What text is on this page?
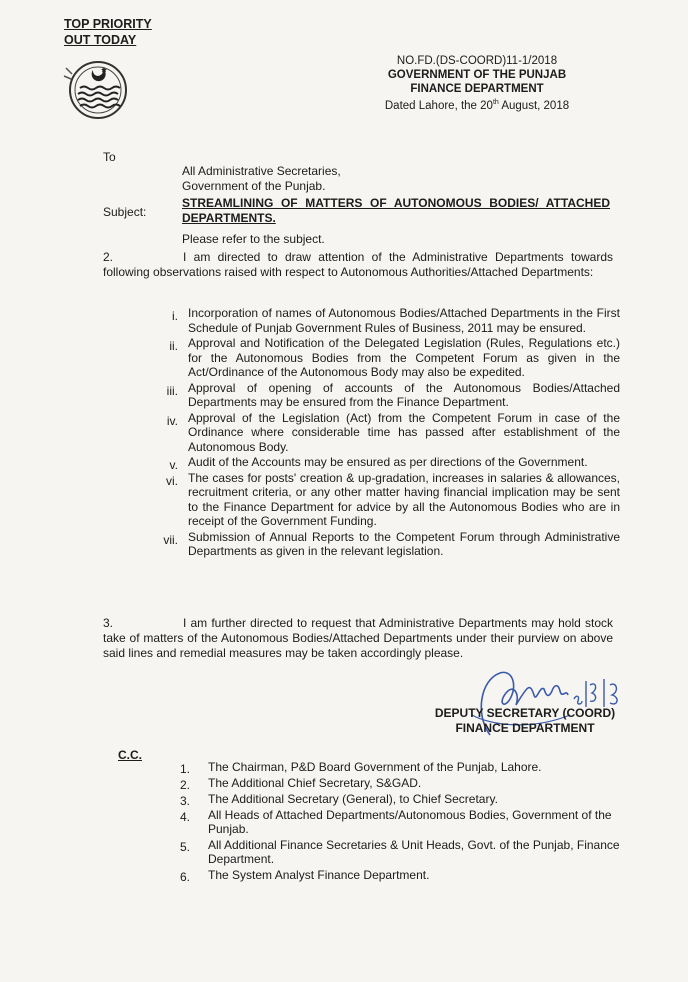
TOP PRIORITY
OUT TODAY
NO.FD.(DS-COORD)11-1/2018
GOVERNMENT OF THE PUNJAB
FINANCE DEPARTMENT
Dated Lahore, the 20th August, 2018
To
All Administrative Secretaries,
Government of the Punjab.
Subject:
STREAMLINING OF MATTERS OF AUTONOMOUS BODIES/ ATTACHED DEPARTMENTS.
Please refer to the subject.
2.	I am directed to draw attention of the Administrative Departments towards following observations raised with respect to Autonomous Authorities/Attached Departments:
i. Incorporation of names of Autonomous Bodies/Attached Departments in the First Schedule of Punjab Government Rules of Business, 2011 may be ensured.
ii. Approval and Notification of the Delegated Legislation (Rules, Regulations etc.) for the Autonomous Bodies from the Competent Forum as given in the Act/Ordinance of the Autonomous Body may also be expedited.
iii. Approval of opening of accounts of the Autonomous Bodies/Attached Departments may be ensured from the Finance Department.
iv. Approval of the Legislation (Act) from the Competent Forum in case of the Ordinance where considerable time has passed after establishment of the Autonomous Body.
v. Audit of the Accounts may be ensured as per directions of the Government.
vi. The cases for posts' creation & up-gradation, increases in salaries & allowances, recruitment criteria, or any other matter having financial implication may be sent to the Finance Department for advice by all the Autonomous Bodies who are in receipt of the Government Funding.
vii. Submission of Annual Reports to the Competent Forum through Administrative Departments as given in the relevant legislation.
3.	I am further directed to request that Administrative Departments may hold stock take of matters of the Autonomous Bodies/Attached Departments under their purview on above said lines and remedial measures may be taken accordingly please.
DEPUTY SECRETARY (COORD)
FINANCE DEPARTMENT
C.C.
1. The Chairman, P&D Board Government of the Punjab, Lahore.
2. The Additional Chief Secretary, S&GAD.
3. The Additional Secretary (General), to Chief Secretary.
4. All Heads of Attached Departments/Autonomous Bodies, Government of the Punjab.
5. All Additional Finance Secretaries & Unit Heads, Govt. of the Punjab, Finance Department.
6. The System Analyst Finance Department.
